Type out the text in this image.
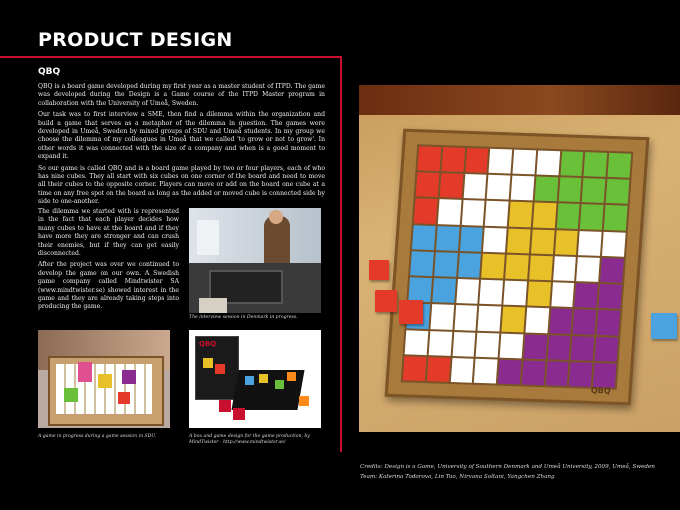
PRODUCT DESIGN
QBQ

QBQ is a board game developed during my first year as a master student of ITPD. The game was developed during the Design is a Game course of the ITPD Master program in collaboration with the University of Umeå, Sweden.

Our task was to first interview a SME, then find a dilemma within the organization and build a game that serves as a metaphor of the dilemma in question. The games were developed in Umeå, Sweden by mixed groups of SDU and Umeå students. In my group we choose the dilemma of my colleagues in Umeå that we called 'to grow or not to grow'. In other words it was connected with the size of a company and when is a good moment to expand it.

So our game is called QBQ and is a board game played by two or four players, each of who has nine cubes. They all start with six cubes on one corner of the board and need to move all their cubes to the opposite corner. Players can move or add on the board one cube at a time on any free spot on the board as long as the added or moved cube is connected side by side to one-another.

The dilemma we started with is represented in the fact that each player decides how many cubes to have at the board and if they have more they are stronger and can crush their enemies, but if they can get easily disconnected.

After the project was over we continued to develop the game on our own. A Swedish game company called Mindtwister SA (www.mindtwister.se) showed interest in the game and they are already taking steps into producing the game.

The interview session in Denmark in progress.
A game in progress during a game session in SDU.
QBQ
A box and game design for the game production, by MindTwister - http://www.mindtwister.se/
QBQ
Credits: Design is a Game, University of Southern Denmark and Umeå University, 2009, Umeå, Sweden
Team: Katerina Todorova, Lin Tao, Nirvana Soltani, Yangchen Zhang
